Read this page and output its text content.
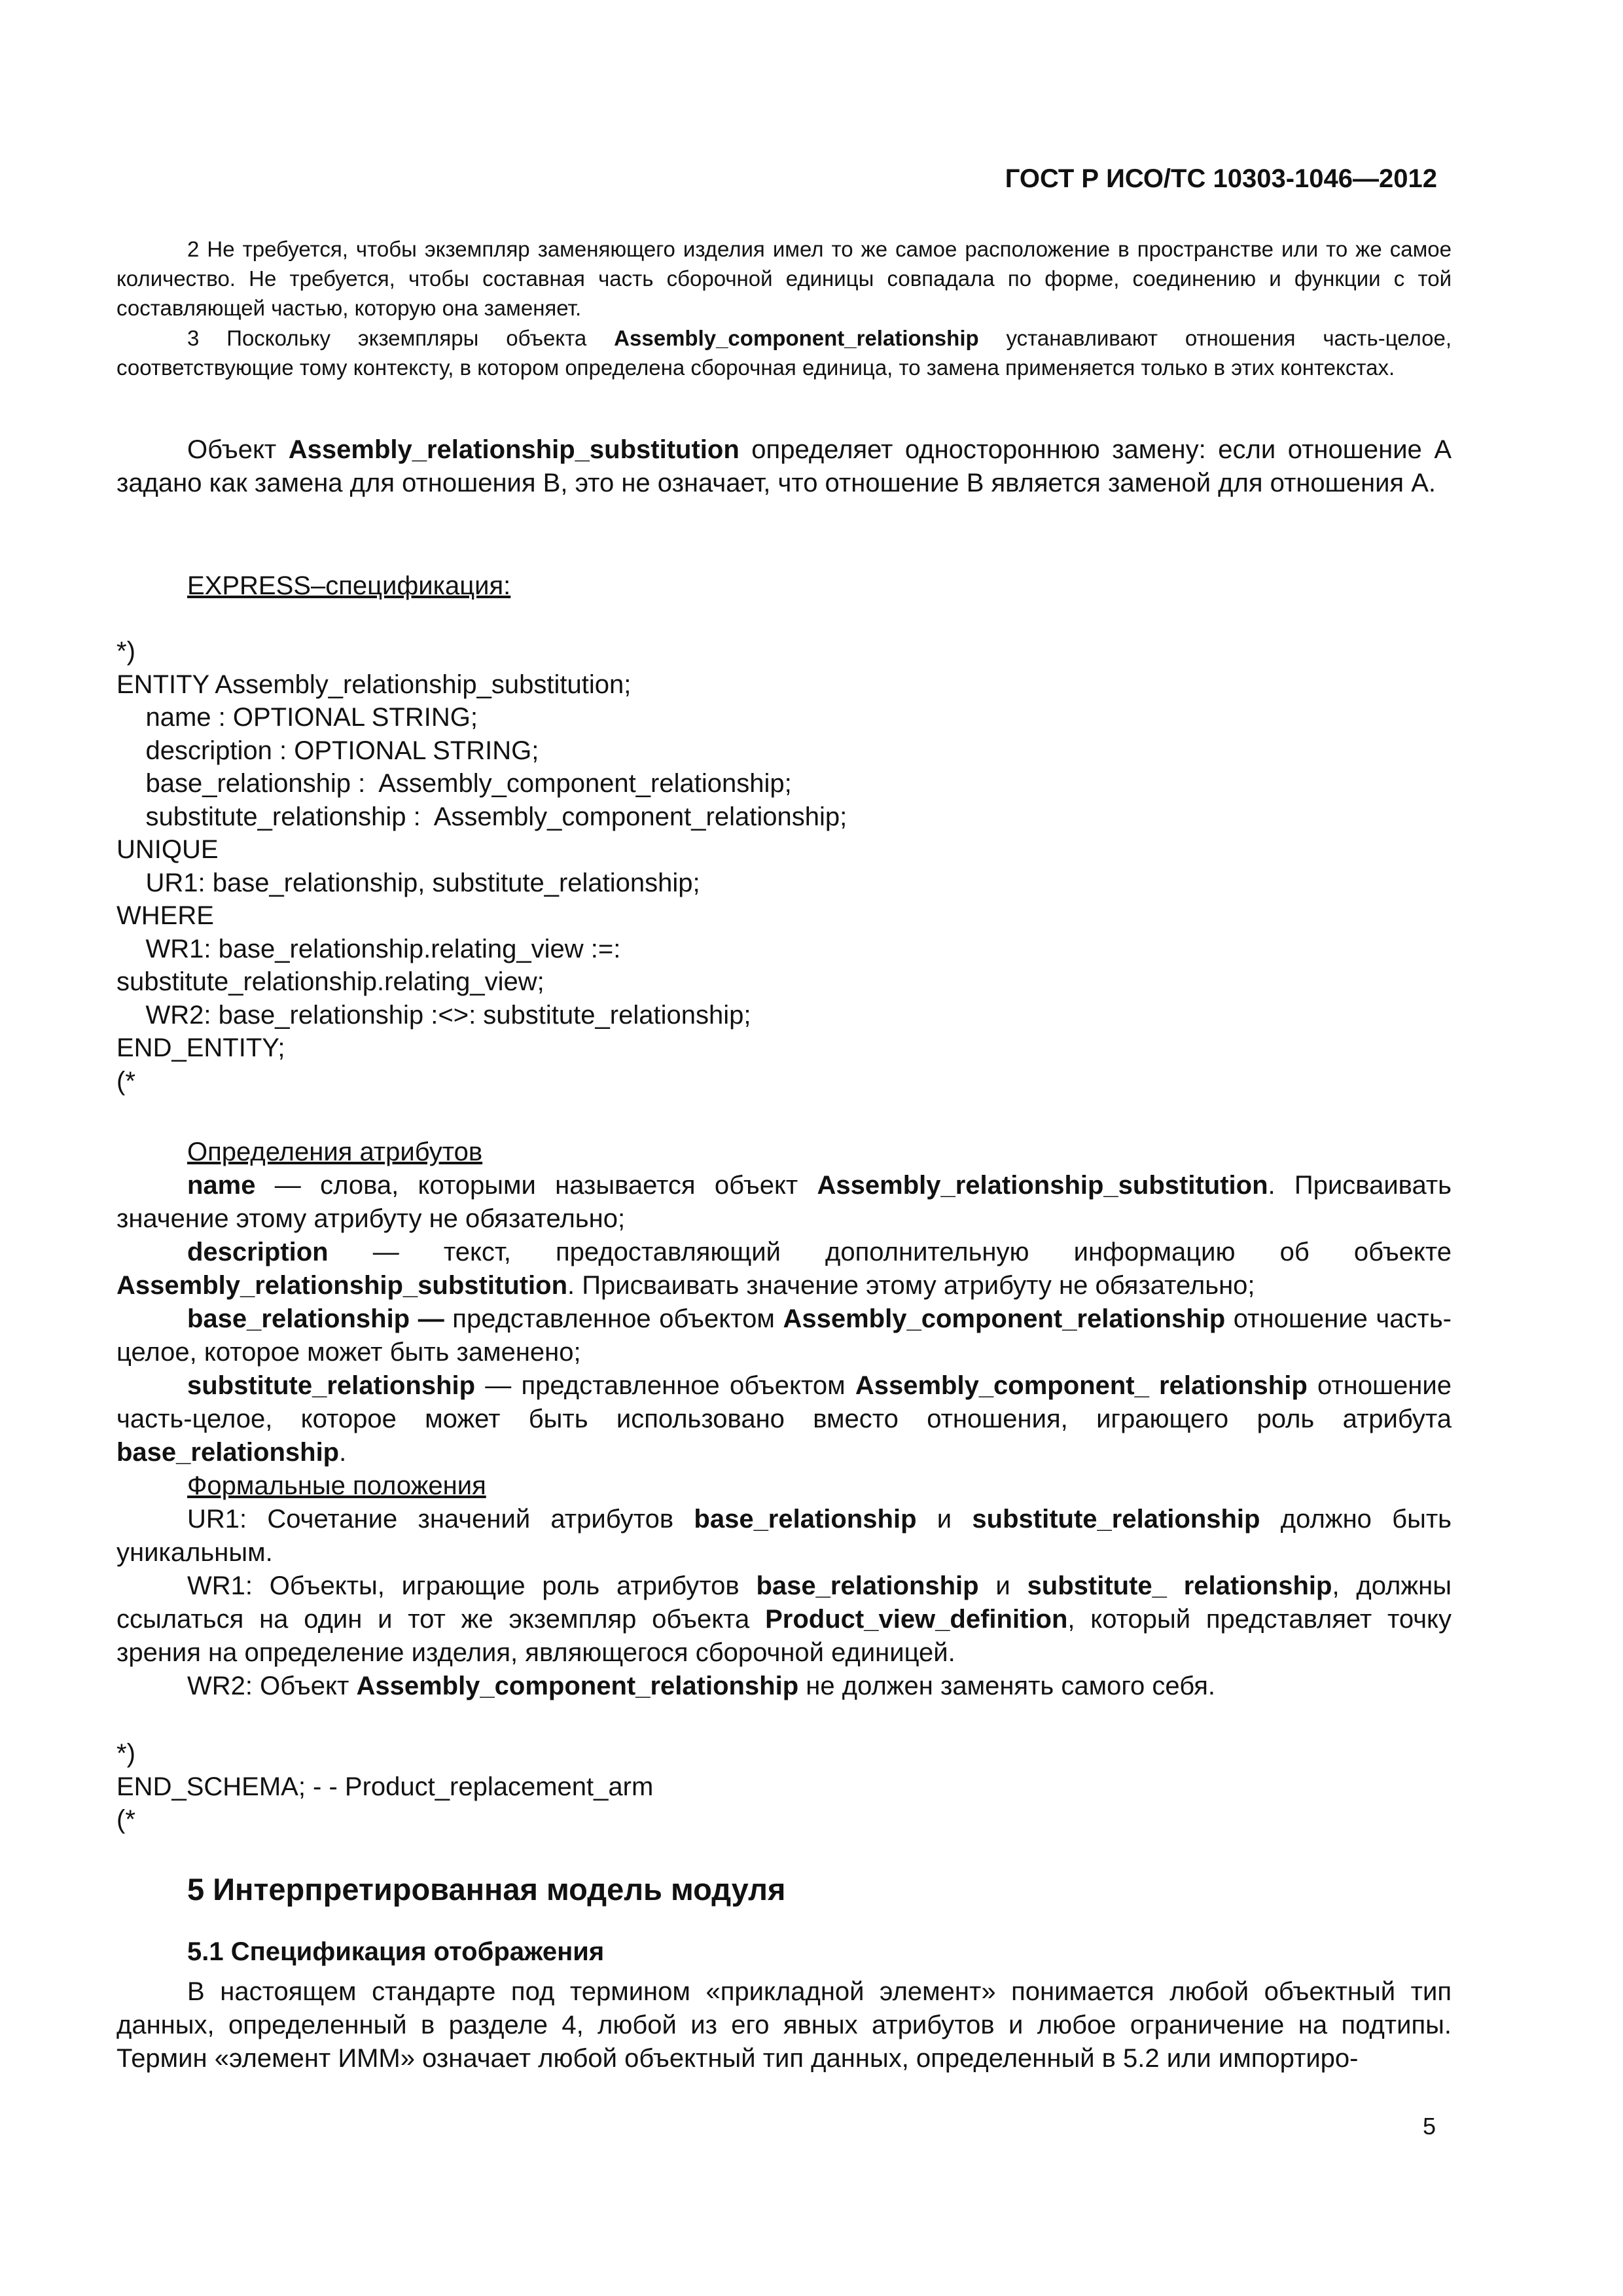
ГОСТ Р ИСО/ТС 10303-1046—2012

2 Не требуется, чтобы экземпляр заменяющего изделия имел то же самое расположение в пространстве или то же самое количество. Не требуется, чтобы составная часть сборочной единицы совпадала по форме, соединению и функции с той составляющей частью, которую она заменяет.

3 Поскольку экземпляры объекта Assembly_component_relationship устанавливают отношения часть-целое, соответствующие тому контексту, в котором определена сборочная единица, то замена применяется только в этих контекстах.

Объект Assembly_relationship_substitution определяет одностороннюю замену: если отношение A задано как замена для отношения B, это не означает, что отношение B является заменой для отношения A.

EXPRESS–спецификация:

*)
ENTITY Assembly_relationship_substitution;
name : OPTIONAL STRING;
description : OPTIONAL STRING;
base_relationship :  Assembly_component_relationship;
substitute_relationship :  Assembly_component_relationship;
UNIQUE
UR1: base_relationship, substitute_relationship;
WHERE
WR1: base_relationship.relating_view :=:
substitute_relationship.relating_view;
WR2: base_relationship :<>: substitute_relationship;
END_ENTITY;
(*

Определения атрибутов

name — слова, которыми называется объект Assembly_relationship_substitution. Присваивать значение этому атрибуту не обязательно;

description — текст, предоставляющий дополнительную информацию об объекте Assembly_relationship_substitution. Присваивать значение этому атрибуту не обязательно;

base_relationship — представленное объектом Assembly_component_relationship отношение часть-целое, которое может быть заменено;

substitute_relationship — представленное объектом Assembly_component_ relationship отношение часть-целое, которое может быть использовано вместо отношения, играющего роль атрибута base_relationship.

Формальные положения

UR1: Сочетание значений атрибутов base_relationship и substitute_relationship должно быть уникальным.

WR1: Объекты, играющие роль атрибутов base_relationship и substitute_ relationship, должны ссылаться на один и тот же экземпляр объекта Product_view_definition, который представляет точку зрения на определение изделия, являющегося сборочной единицей.

WR2: Объект Assembly_component_relationship не должен заменять самого себя.

*)
END_SCHEMA; - - Product_replacement_arm
(*
5 Интерпретированная модель модуля
5.1 Спецификация отображения

В настоящем стандарте под термином «прикладной элемент» понимается любой объектный тип данных, определенный в разделе 4, любой из его явных атрибутов и любое ограничение на подтипы. Термин «элемент ИММ» означает любой объектный тип данных, определенный в 5.2 или импортиро-

5
